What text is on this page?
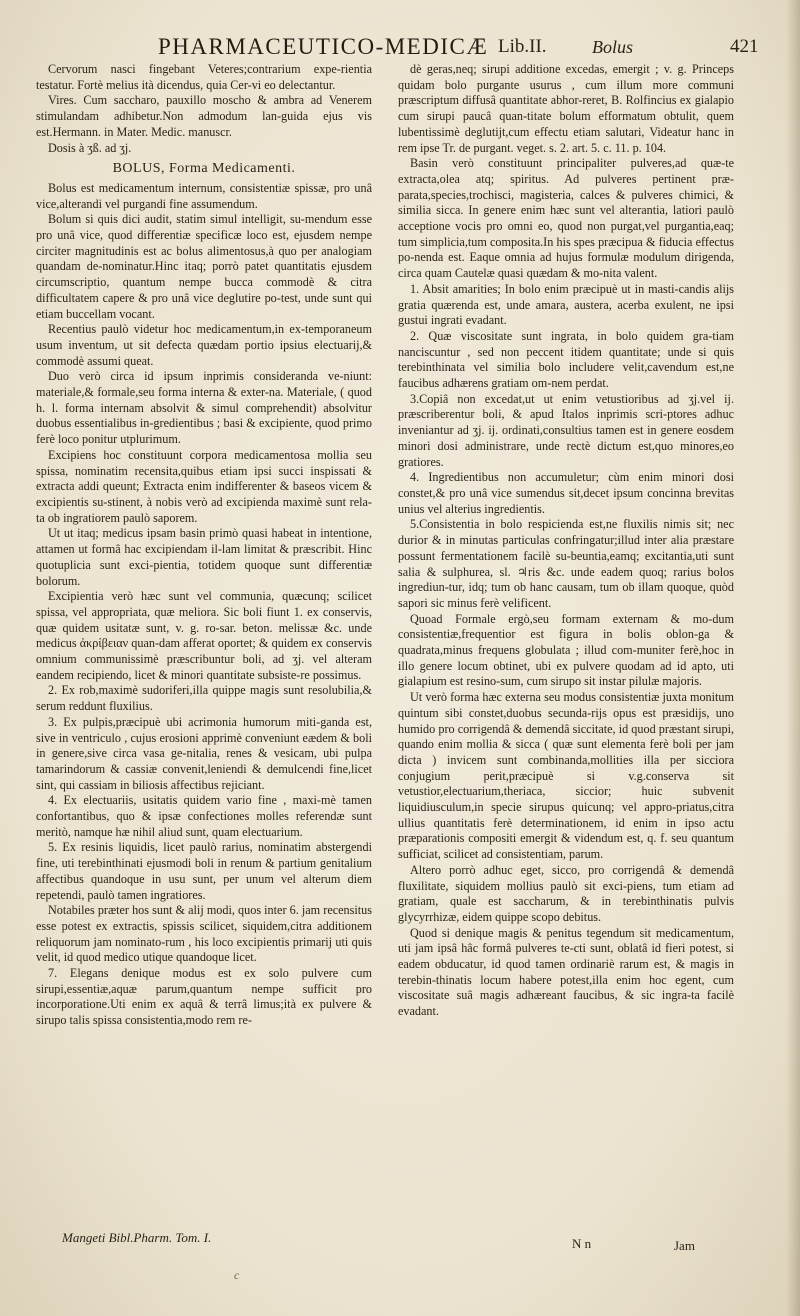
PHARMACEUTICO-MEDICÆ Lib.II.	Bolus	421

Cervorum nasci fingebant Veteres;contrarium expe-rientia testatur. Fortè melius ità dicendus, quia Cer-vi eo delectantur.

Vires. Cum saccharo, pauxillo moscho & ambra ad Venerem stimulandam adhibetur.Non admodum lan-guida ejus vis est.Hermann. in Mater. Medic. manuscr.

Dosis à ʒß. ad ʒj.

BOLUS, Forma Medicamenti.

Bolus est medicamentum internum, consistentiæ spissæ, pro unâ vice,alterandi vel purgandi fine assumendum.

Bolum si quis dici audit, statim simul intelligit, su-mendum esse pro unâ vice, quod differentiæ specificæ loco est, ejusdem nempe circiter magnitudinis est ac bolus alimentosus,à quo per analogiam quandam de-nominatur.Hinc itaq; porrò patet quantitatis ejusdem circumscriptio, quantum nempe bucca commodè & citra difficultatem capere & pro unâ vice deglutire po-test, unde sunt qui etiam buccellam vocant.

Recentius paulò videtur hoc medicamentum,in ex-temporaneum usum inventum, ut sit defecta quædam portio ipsius electuarij,& commodè assumi queat.

Duo verò circa id ipsum inprimis consideranda ve-niunt: materiale,& formale,seu forma interna & exter-na. Materiale, ( quod h. l. forma internam absolvit & simul comprehendit) absolvitur duobus essentialibus in-gredientibus ; basi & excipiente, quod primo ferè loco ponitur utplurimum.

Excipiens hoc constituunt corpora medicamentosa mollia seu spissa, nominatim recensita,quibus etiam ipsi succi inspissati & extracta addi queunt; Extracta enim indifferenter & baseos vicem & excipientis su-stinent, à nobis verò ad excipienda maximè sunt rela-ta ob ingratiorem paulò saporem.

Ut ut itaq; medicus ipsam basin primò quasi habeat in intentione, attamen ut formâ hac excipiendam il-lam limitat & præscribit. Hinc quotuplicia sunt exci-pientia, totidem quoque sunt differentiæ bolorum.

Excipientia verò hæc sunt vel communia, quæcunq; scilicet spissa, vel appropriata, quæ meliora. Sic boli fiunt 1. ex conservis, quæ quidem usitatæ sunt, v. g. ro-sar. beton. melissæ &c. unde medicus ἀκρίβειαν quan-dam afferat oportet; & quidem ex conservis omnium communissimè præscribuntur boli, ad ʒj. vel alteram eandem recipiendo, licet & minori quantitate subsiste-re possimus.

2. Ex rob,maximè sudoriferi,illa quippe magis sunt resolubilia,& serum reddunt fluxilius.

3. Ex pulpis,præcipuè ubi acrimonia humorum miti-ganda est, sive in ventriculo , cujus erosioni apprimè conveniunt eædem & boli in genere,sive circa vasa ge-nitalia, renes & vesicam, ubi pulpa tamarindorum & cassiæ convenit,leniendi & demulcendi fine,licet sint, qui cassiam in biliosis affectibus rejiciant.

4. Ex electuariis, usitatis quidem vario fine , maxi-mè tamen confortantibus, quo & ipsæ confectiones molles referendæ sunt meritò, namque hæ nihil aliud sunt, quam electuarium.

5. Ex resinis liquidis, licet paulò rarius, nominatim abstergendi fine, uti terebinthinati ejusmodi boli in renum & partium genitalium affectibus quandoque in usu sunt, per unum vel alterum diem repetendi, paulò tamen ingratiores.

Notabiles præter hos sunt & alij modi, quos inter 6. jam recensitus esse potest ex extractis, spissis scilicet, siquidem,citra additionem reliquorum jam nominato-rum , his loco excipientis primarij uti quis velit, id quod medico utique quandoque licet.

7. Elegans denique modus est ex solo pulvere cum sirupi,essentiæ,aquæ parum,quantum nempe sufficit pro incorporatione.Uti enim ex aquâ & terrâ limus;ità ex pulvere & sirupo talis spissa consistentia,modo rem re-

dè geras,neq; sirupi additione excedas, emergit ; v. g. Princeps quidam bolo purgante usurus , cum illum more communi præscriptum diffusâ quantitate abhor-reret, B. Rolfincius ex gialapio cum sirupi paucâ quan-titate bolum efformatum obtulit, quem lubentissimè deglutijt,cum effectu etiam salutari, Videatur hanc in rem ipse Tr. de purgant. veget. s. 2. art. 5. c. 11. p. 104.

Basin verò constituunt principaliter pulveres,ad quæ-te extracta,olea atq; spiritus. Ad pulveres pertinent præ-parata,species,trochisci, magisteria, calces & pulveres chimici, & similia sicca. In genere enim hæc sunt vel alterantia, latiori paulò acceptione vocis pro omni eo, quod non purgat,vel purgantia,eaq; tum simplicia,tum composita.In his spes præcipua & fiducia effectus po-nenda est. Eaque omnia ad hujus formulæ modulum dirigenda, circa quam Cautelæ quasi quædam & mo-nita valent.

1. Absit amarities; In bolo enim præcipuè ut in masti-candis alijs gratia quærenda est, unde amara, austera, acerba exulent, ne ipsi gustui ingrati evadant.

2. Quæ viscositate sunt ingrata, in bolo quidem gra-tiam nanciscuntur , sed non peccent itidem quantitate; unde si quis terebinthinata vel similia bolo includere velit,cavendum est,ne faucibus adhærens gratiam om-nem perdat.

3.Copiâ non excedat,ut ut enim vetustioribus ad ʒj.vel ij. præscriberentur boli, & apud Italos inprimis scri-ptores adhuc inveniantur ad ʒj. ij. ordinati,consultius tamen est in genere eosdem minori dosi administrare, unde rectè dictum est,quo minores,eo gratiores.

4. Ingredientibus non accumuletur; cùm enim minori dosi constet,& pro unâ vice sumendus sit,decet ipsum concinna brevitas unius vel alterius ingredientis.

5.Consistentia in bolo respicienda est,ne fluxilis nimis sit; nec durior & in minutas particulas confringatur;illud inter alia præstare possunt fermentationem facilè su-beuntia,eamq; excitantia,uti sunt salia & sulphurea, sl. ♃ris &c. unde eadem quoq; rarius bolos ingrediun-tur, idq; tum ob hanc causam, tum ob illam quoque, quòd sapori sic minus ferè velificent.

Quoad Formale ergò,seu formam externam & mo-dum consistentiæ,frequentior est figura in bolis oblon-ga & quadrata,minus frequens globulata ; illud com-muniter ferè,hoc in illo genere locum obtinet, ubi ex pulvere quodam ad id apto, uti gialapium est resino-sum, cum sirupo sit instar pilulæ majoris.

Ut verò forma hæc externa seu modus consistentiæ juxta monitum quintum sibi constet,duobus secunda-rijs opus est præsidijs, uno humido pro corrigendâ & demendâ siccitate, id quod præstant sirupi, quando enim mollia & sicca ( quæ sunt elementa ferè boli per jam dicta ) invicem sunt combinanda,mollities illa per sicciora conjugium perit,præcipuè si v.g.conserva sit vetustior,electuarium,theriaca, siccior; huic subvenit liquidiusculum,in specie sirupus quicunq; vel appro-priatus,citra ullius quantitatis ferè determinationem, id enim in ipso actu præparationis compositi emergit & videndum est, q. f. seu quantum sufficiat, scilicet ad consistentiam, parum.

Altero porrò adhuc eget, sicco, pro corrigendâ & demendâ fluxilitate, siquidem mollius paulò sit exci-piens, tum etiam ad gratiam, quale est saccharum, & in terebinthinatis pulvis glycyrrhizæ, eidem quippe scopo debitus.

Quod si denique magis & penitus tegendum sit medicamentum, uti jam ipsâ hâc formâ pulveres te-cti sunt, oblatâ id fieri potest, si eadem obducatur, id quod tamen ordinariè rarum est, & magis in terebin-thinatis locum habere potest,illa enim hoc egent, cum viscositate suâ magis adhæreant faucibus, & sic ingra-ta facilè evadant.

Mangeti Bibl.Pharm. Tom. I.	N n	Jam
c
